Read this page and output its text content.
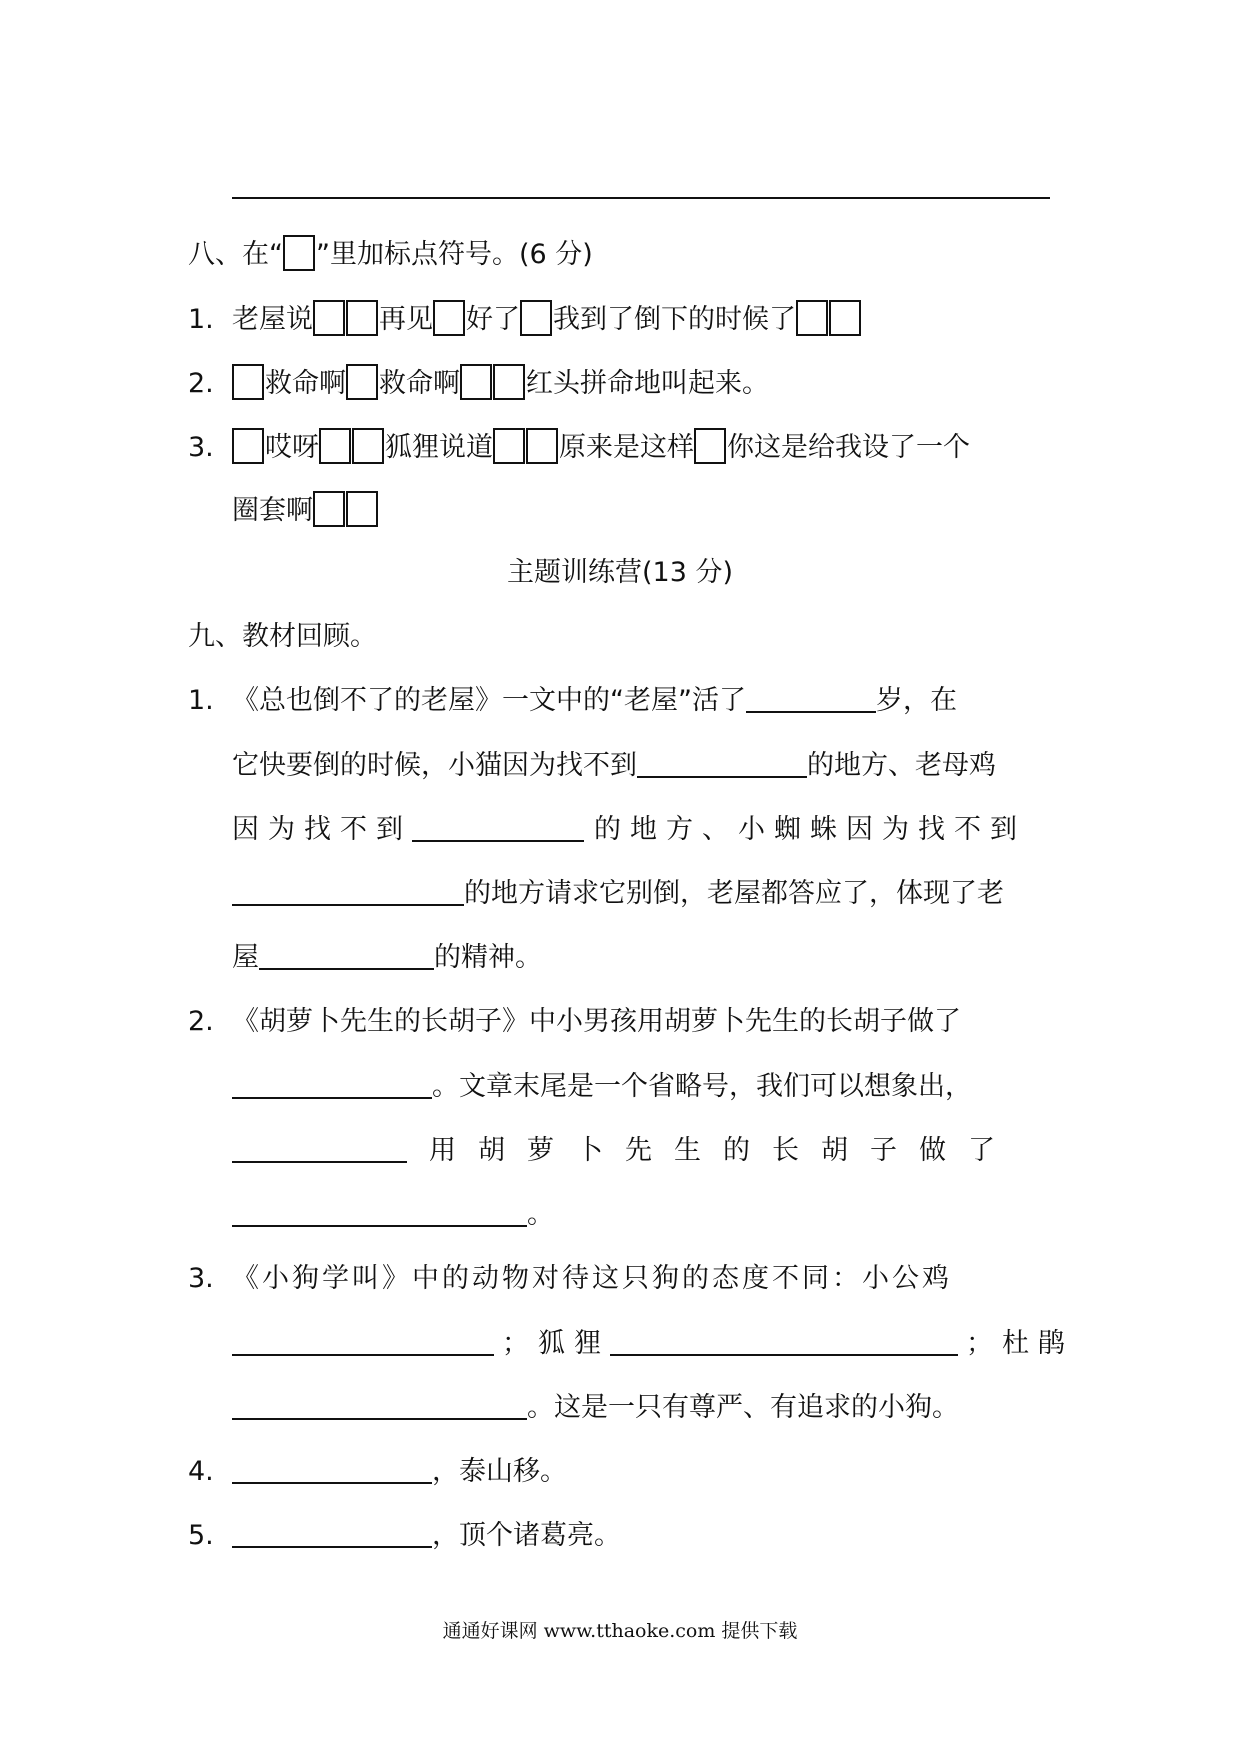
八、在“ ”里加标点符号。(6 分)
1. 老屋说 再见 好了 我到了倒下的时候了
2. 救命啊 救命啊 红头拼命地叫起来。
3. 哎呀 狐狸说道 原来是这样 你这是给我设了一个
圈套啊
主题训练营(13 分)
九、教材回顾。
1. 《总也倒不了的老屋》一文中的“老屋”活了	岁，在
它快要倒的时候，小猫因为找不到	的地方、老母鸡
因为找不到	的地方、小蜘蛛因为找不到
的地方请求它别倒，老屋都答应了，体现了老
屋	的精神。
2. 《胡萝卜先生的长胡子》中小男孩用胡萝卜先生的长胡子做了
。文章末尾是一个省略号，我们可以想象出，
用胡萝卜先生的长胡子做了
。
3. 《小狗学叫》中的动物对待这只狗的态度不同：小公鸡
；狐狸	；杜鹃
。这是一只有尊严、有追求的小狗。
4.	，泰山移。
5.	，顶个诸葛亮。
通通好课网 www.tthaoke.com 提供下载
